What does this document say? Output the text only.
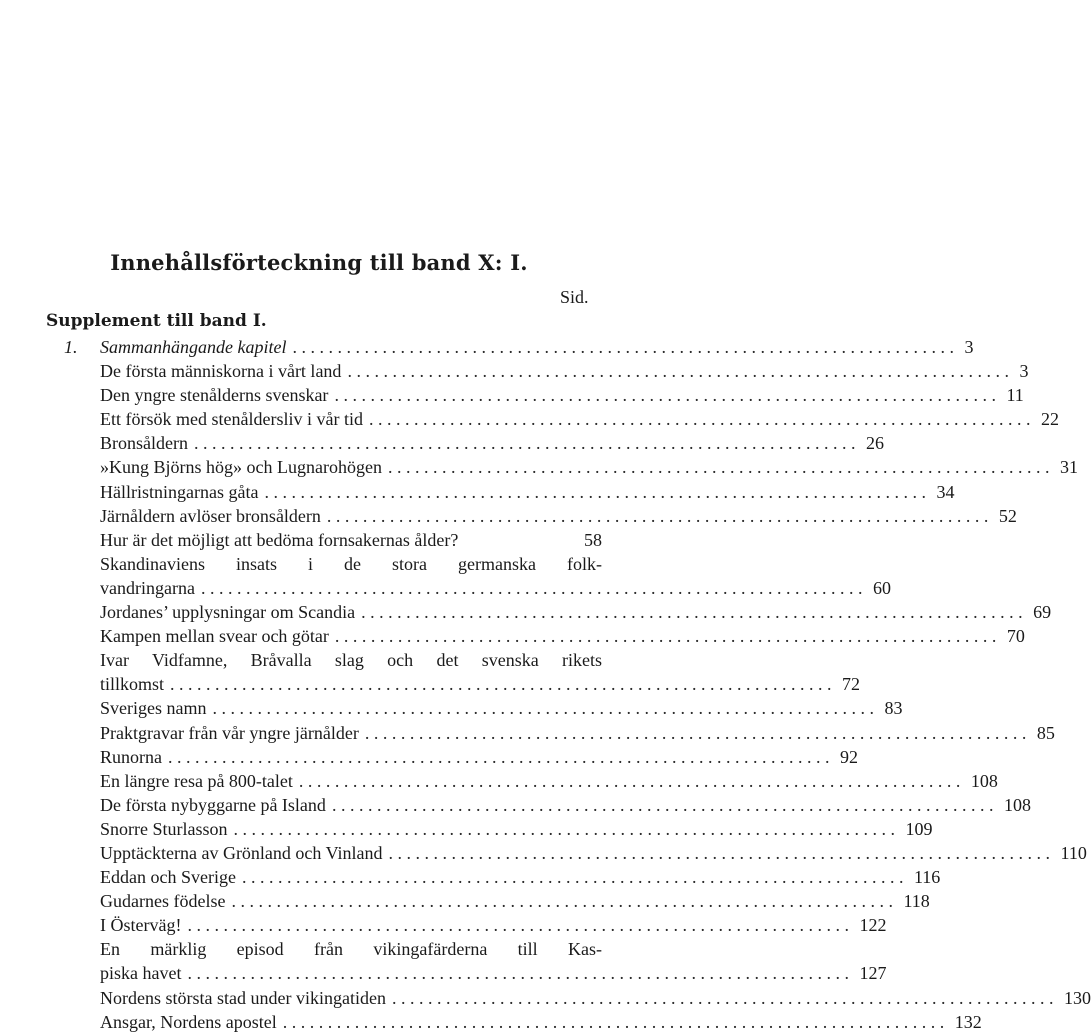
Innehållsförteckning till band X: I.
Sid.
Supplement till band I.
1. Sammanhängande kapitel .......................................................................... 3
De första människorna i vårt land .......................................................................... 3
Den yngre stenålderns svenskar .......................................................................... 11
Ett försök med stenåldersliv i vår tid .......................................................................... 22
Bronsåldern .......................................................................... 26
»Kung Björns hög» och Lugnarohögen .......................................................................... 31
Hällristningarnas gåta .......................................................................... 34
Järnåldern avlöser bronsåldern .......................................................................... 52
Hur är det möjligt att bedöma fornsakernas ålder?	58
Skandinaviens insats i de stora germanska folk-
vandringarna .......................................................................... 60
Jordanes’ upplysningar om Scandia .......................................................................... 69
Kampen mellan svear och götar .......................................................................... 70
Ivar Vidfamne, Bråvalla slag och det svenska rikets
tillkomst .......................................................................... 72
Sveriges namn .......................................................................... 83
Praktgravar från vår yngre järnålder .......................................................................... 85
Runorna .......................................................................... 92
En längre resa på 800-talet .......................................................................... 108
De första nybyggarne på Island .......................................................................... 108
Snorre Sturlasson .......................................................................... 109
Upptäckterna av Grönland och Vinland .......................................................................... 110
Eddan och Sverige .......................................................................... 116
Gudarnes födelse .......................................................................... 118
I Österväg! .......................................................................... 122
En märklig episod från vikingafärderna till Kas-
piska havet .......................................................................... 127
Nordens största stad under vikingatiden .......................................................................... 130
Ansgar, Nordens apostel .......................................................................... 132
